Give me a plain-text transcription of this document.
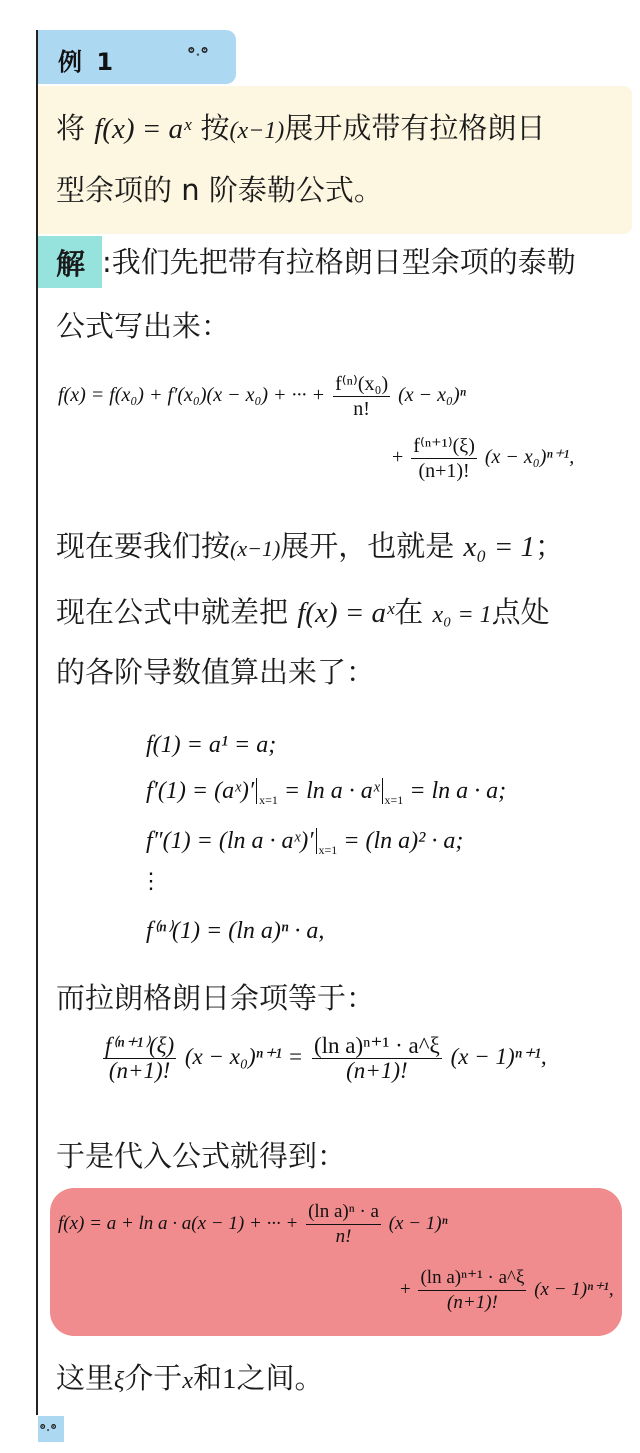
例 1	ʘ̥ʘ
将 f(x) = aˣ 按(x−1)展开成带有拉格朗日
型余项的 n 阶泰勒公式。
解 :我们先把带有拉格朗日型余项的泰勒
公式写出来：
f(x) = f(x₀) + f′(x₀)(x − x₀) + ··· + $\frac{\text{f⁽ⁿ⁾(x₀)}}{n!} (x - x_0)^n$
+ $\frac{\text{f⁽ⁿ⁺¹⁾(ξ)}}{(n+1)!} (x - x_0)^{n+1}$,
现在要我们按(x−1)展开，也就是 x₀ = 1；
现在公式中就差把 f(x) = aˣ在 x₀ = 1点处
的各阶导数值算出来了：
f(1) = a¹ = a;
f′(1) = (aˣ)′ $_{x=1}$ = ln a · aˣ $_{x=1}$ = ln a · a;
f″(1) = (ln a · aˣ)′ $_{x=1}$ = (ln a)² · a;
⋮
f⁽ⁿ⁾(1) = (ln a)ⁿ · a,
而拉朗格朗日余项等于：
$\frac{\text{f⁽ⁿ⁺¹⁾(ξ)}}{(n+1)!} (x - x_0)^{n+1} = \frac{\text{(ln a)ⁿ⁺¹ · a\textasciicircum{}ξ}}{(n+1)!} (x - 1)^{n+1}$,
于是代入公式就得到：
f(x) = a + ln a · a(x − 1) + ··· + $\frac{\text{(ln a)ⁿ · a}}{n!} (x - 1)^n$
+ $\frac{\text{(ln a)ⁿ⁺¹ · a\textasciicircum{}ξ}}{(n+1)!} (x - 1)^{n+1}$,
这里ξ介于x和1之间。
ʘ̥ʘ
